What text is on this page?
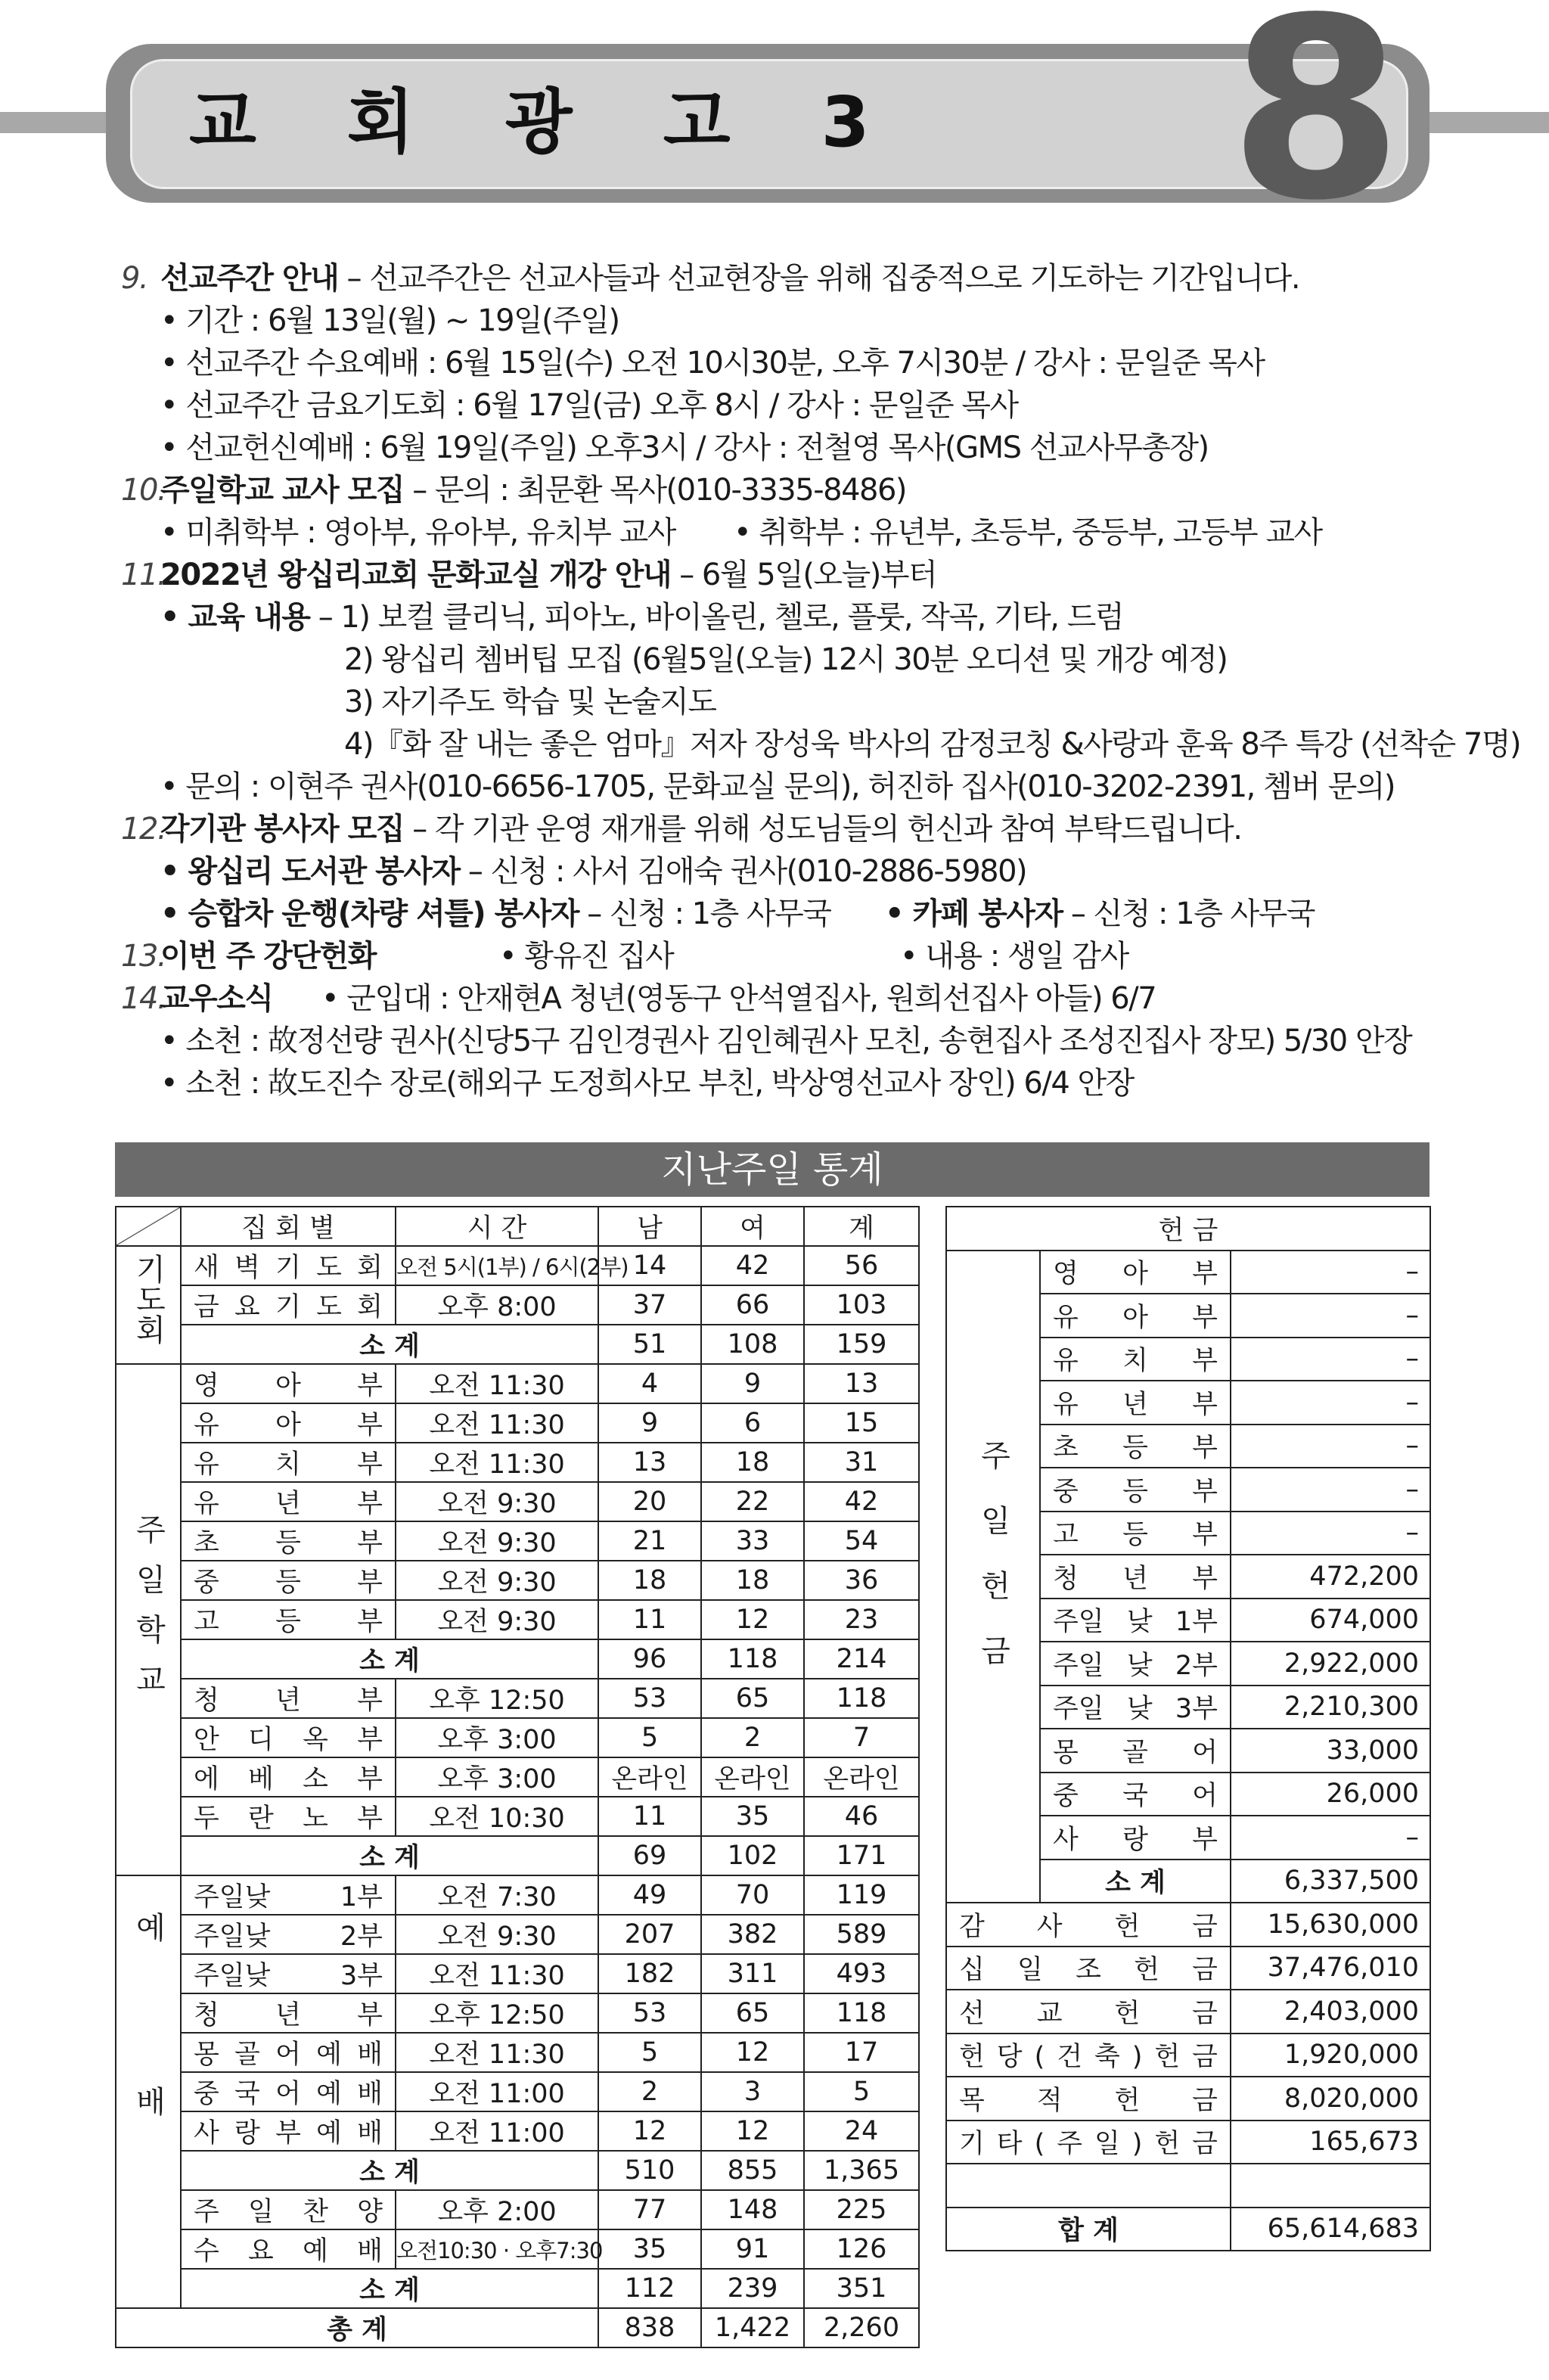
교 회 광 고 3 8
9. 선교주간 안내 – 선교주간은 선교사들과 선교현장을 위해 집중적으로 기도하는 기간입니다.
• 기간 : 6월 13일(월) ~ 19일(주일)
• 선교주간 수요예배 : 6월 15일(수) 오전 10시30분, 오후 7시30분 / 강사 : 문일준 목사
• 선교주간 금요기도회 : 6월 17일(금) 오후 8시 / 강사 : 문일준 목사
• 선교헌신예배 : 6월 19일(주일) 오후3시 / 강사 : 전철영 목사(GMS 선교사무총장)
10.주일학교 교사 모집 – 문의 : 최문환 목사(010-3335-8486)
• 미취학부 : 영아부, 유아부, 유치부 교사 • 취학부 : 유년부, 초등부, 중등부, 고등부 교사
11.2022년 왕십리교회 문화교실 개강 안내 – 6월 5일(오늘)부터
• 교육 내용 – 1) 보컬 클리닉, 피아노, 바이올린, 첼로, 플룻, 작곡, 기타, 드럼
2) 왕십리 쳄버팁 모집 (6월5일(오늘) 12시 30분 오디션 및 개강 예정)
3) 자기주도 학습 및 논술지도
4)『화 잘 내는 좋은 엄마』저자 장성욱 박사의 감정코칭 &사랑과 훈육 8주 특강 (선착순 7명)
• 문의 : 이현주 권사(010-6656-1705, 문화교실 문의), 허진하 집사(010-3202-2391, 쳄버 문의)
12.각기관 봉사자 모집 – 각 기관 운영 재개를 위해 성도님들의 헌신과 참여 부탁드립니다.
• 왕십리 도서관 봉사자 – 신청 : 사서 김애숙 권사(010-2886-5980)
• 승합차 운행(차량 셔틀) 봉사자 – 신청 : 1층 사무국 • 카페 봉사자 – 신청 : 1층 사무국
13.이번 주 강단헌화	• 황유진 집사	• 내용 : 생일 감사
14.교우소식 • 군입대 : 안재현A 청년(영동구 안석열집사, 원희선집사 아들) 6/7
• 소천 : 故정선량 권사(신당5구 김인경권사 김인혜권사 모친, 송현집사 조성진집사 장모) 5/30 안장
• 소천 : 故도진수 장로(해외구 도정희사모 부친, 박상영선교사 장인) 6/4 안장
지난주일 통계
	집 회 별	시 간	남	여	계
기도회	새 벽 기 도 회	오전 5시(1부) / 6시(2부)	14	42	56
	금 요 기 도 회	오후 8:00	37	66	103
	소 계		51	108	159
주일학교	영 아 부	오전 11:30	4	9	13
	유 아 부	오전 11:30	9	6	15
	유 치 부	오전 11:30	13	18	31
	유 년 부	오전 9:30	20	22	42
	초 등 부	오전 9:30	21	33	54
	중 등 부	오전 9:30	18	18	36
	고 등 부	오전 9:30	11	12	23
	소 계		96	118	214
	청 년 부	오후 12:50	53	65	118
	안 디 옥 부	오후 3:00	5	2	7
	에 베 소 부	오후 3:00	온라인	온라인	온라인
	두 란 노 부	오전 10:30	11	35	46
	소 계		69	102	171
예배	주일낮 1부	오전 7:30	49	70	119
	주일낮 2부	오전 9:30	207	382	589
	주일낮 3부	오전 11:30	182	311	493
	청 년 부	오후 12:50	53	65	118
	몽 골 어 예 배	오전 11:30	5	12	17
	중 국 어 예 배	오전 11:00	2	3	5
	사 랑 부 예 배	오전 11:00	12	12	24
	소 계		510	855	1,365
	주 일 찬 양	오후 2:00	77	148	225
	수 요 예 배	오전10:30 · 오후7:30	35	91	126
	소 계		112	239	351
총 계			838	1,422	2,260
헌 금		
주일헌금	영 아 부	–
	유 아 부	–
	유 치 부	–
	유 년 부	–
	초 등 부	–
	중 등 부	–
	고 등 부	–
	청 년 부	472,200
	주일 낮 1부	674,000
	주일 낮 2부	2,922,000
	주일 낮 3부	2,210,300
	몽 골 어	33,000
	중 국 어	26,000
	사 랑 부	–
	소 계	6,337,500
감 사 헌 금		15,630,000
십 일 조 헌 금		37,476,010
선 교 헌 금		2,403,000
헌 당 ( 건 축 ) 헌 금		1,920,000
목 적 헌 금		8,020,000
기 타 ( 주 일 ) 헌 금		165,673

합 계		65,614,683
